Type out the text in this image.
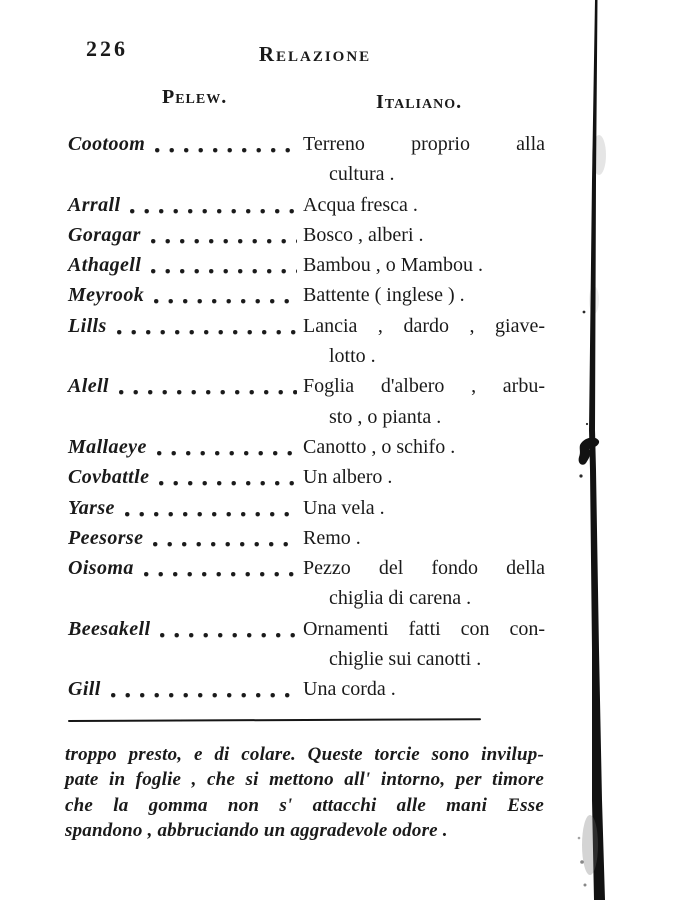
226	Relazione
Pelew.	Italiano.
Cootoom	Terreno proprio alla
cultura .
Arrall	Acqua fresca .
Goragar	Bosco , alberi .
Athagell	Bambou , o Mambou .
Meyrook	Battente ( inglese ) .
Lills	Lancia , dardo , giave-
lotto .
Alell	Foglia d'albero , arbu-
sto , o pianta .
Mallaeye	Canotto , o schifo .
Covbattle	Un albero .
Yarse	Una vela .
Peesorse	Remo .
Oisoma	Pezzo del fondo della
chiglia di carena .
Beesakell	Ornamenti fatti con con-
chiglie sui canotti .
Gill	Una corda .
troppo presto, e di colare. Queste torcie sono invilup-
pate in foglie , che si mettono all' intorno, per timore
che la gomma non s' attacchi alle mani Esse
spandono , abbruciando un aggradevole odore .
